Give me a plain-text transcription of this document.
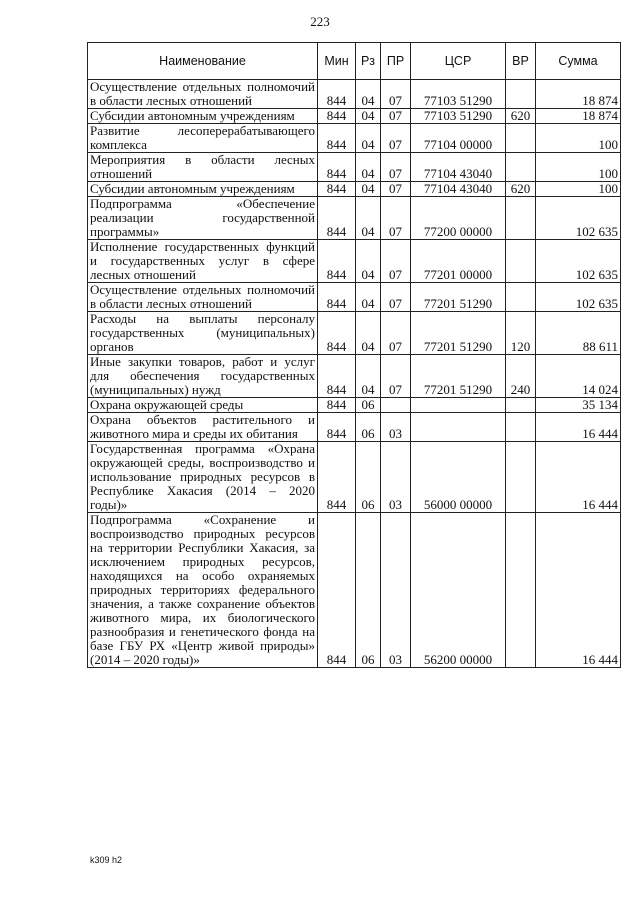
223
Наименование	Мин	Рз	ПР	ЦСР	ВР	Сумма
Осуществление отдельных полномочий в области лесных отношений	844	04	07	77103 51290		18 874
Субсидии автономным учреждениям	844	04	07	77103 51290	620	18 874
Развитие лесоперерабатывающего комплекса	844	04	07	77104 00000		100
Мероприятия в области лесных отношений	844	04	07	77104 43040		100
Субсидии автономным учреждениям	844	04	07	77104 43040	620	100
Подпрограмма «Обеспечение реализации государственной программы»	844	04	07	77200 00000		102 635
Исполнение государственных функций и государственных услуг в сфере лесных отношений	844	04	07	77201 00000		102 635
Осуществление отдельных полномочий в области лесных отношений	844	04	07	77201 51290		102 635
Расходы на выплаты персоналу государственных (муниципальных) органов	844	04	07	77201 51290	120	88 611
Иные закупки товаров, работ и услуг для обеспечения государственных (муниципальных) нужд	844	04	07	77201 51290	240	14 024
Охрана окружающей среды	844	06				35 134
Охрана объектов растительного и животного мира и среды их обитания	844	06	03			16 444
Государственная программа «Охрана окружающей среды, воспроизводство и использование природных ресурсов в Республике Хакасия (2014 – 2020 годы)»	844	06	03	56000 00000		16 444
Подпрограмма «Сохранение и воспроизводство природных ресурсов на территории Республики Хакасия, за исключением природных ресурсов, находящихся на особо охраняемых природных территориях федерального значения, а также сохранение объектов животного мира, их биологического разнообразия и генетического фонда на базе ГБУ РХ «Центр живой природы» (2014 – 2020 годы)»	844	06	03	56200 00000		16 444
k309 h2
